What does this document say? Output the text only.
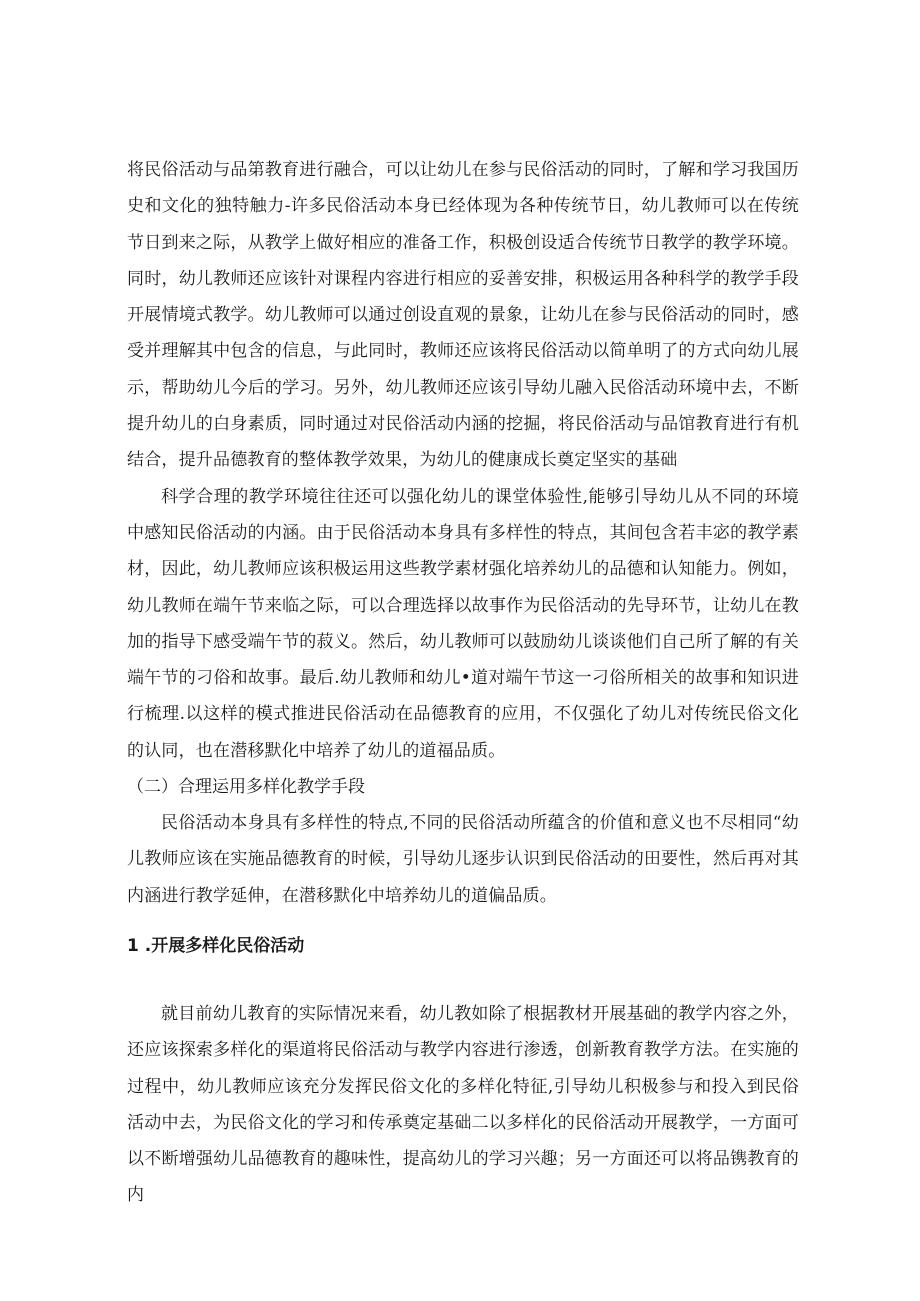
将民俗活动与品第教育进行融合，可以让幼儿在参与民俗活动的同时，了解和学习我国历史和文化的独特触力-许多民俗活动本身已经体现为各种传统节日，幼儿教师可以在传统节日到来之际，从教学上做好相应的准备工作，积极创设适合传统节日教学的教学环境。同时，幼儿教师还应该针对课程内容进行相应的妥善安排，积极运用各种科学的教学手段开展情境式教学。幼儿教师可以通过创设直观的景象，让幼儿在参与民俗活动的同时，感受并理解其中包含的信息，与此同时，教师还应该将民俗活动以简单明了的方式向幼儿展示，帮助幼儿今后的学习。另外，幼儿教师还应该引导幼儿融入民俗活动环境中去，不断提升幼儿的白身素质，同时通过对民俗活动内涵的挖掘，将民俗活动与品馆教育进行有机结合，提升品德教育的整体教学效果，为幼儿的健康成长奠定坚实的基础

科学合理的教学环境往往还可以强化幼儿的课堂体验性,能够引导幼儿从不同的环境中感知民俗活动的内涵。由于民俗活动本身具有多样性的特点，其间包含若丰宓的教学素材，因此，幼儿教师应该积极运用这些教学素材强化培养幼儿的品德和认知能力。例如，幼儿教师在端午节来临之际，可以合理选择以故事作为民俗活动的先导环节，让幼儿在教加的指导下感受端午节的菽义。然后，幼儿教师可以鼓励幼儿谈谈他们自己所了解的有关端午节的刁俗和故事。最后.幼儿教师和幼儿•道对端午节这一刁俗所相关的故事和知识进行梳理.以这样的模式推进民俗活动在品德教育的应用，不仅强化了幼儿对传统民俗文化的认同，也在潜移默化中培养了幼儿的道福品质。

（二）合理运用多样化教学手段

民俗活动本身具有多样性的特点,不同的民俗活动所蕴含的价值和意义也不尽相同“幼儿教师应该在实施品德教育的时候，引导幼儿逐步认识到民俗活动的田要性，然后再对其内涵进行教学延伸，在潜移默化中培养幼儿的道偏品质。

1 .开展多样化民俗活动

就目前幼儿教育的实际情况来看，幼儿教如除了根据教材开展基础的教学内容之外，还应该探索多样化的渠道将民俗活动与教学内容进行渗透，创新教育教学方法。在实施的过程中，幼儿教师应该充分发挥民俗文化的多样化特征,引导幼儿积极参与和投入到民俗活动中去，为民俗文化的学习和传承奠定基础二以多样化的民俗活动开展教学，一方面可以不断增强幼儿品德教育的趣味性，提高幼儿的学习兴趣；另一方面还可以将品镌教育的内
